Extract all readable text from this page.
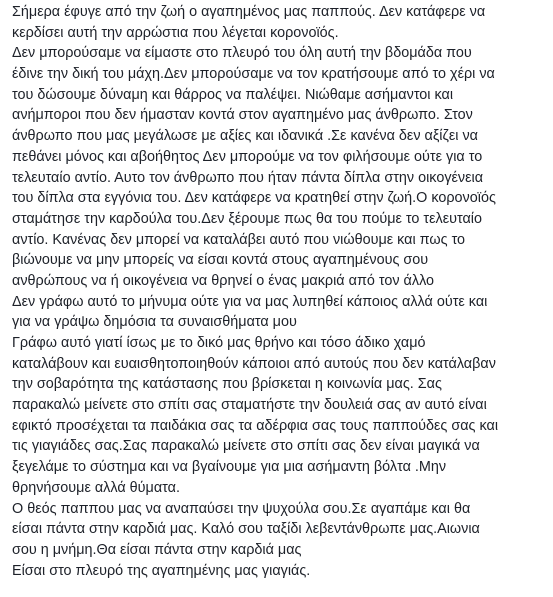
Σήμερα έφυγε από την ζωή ο αγαπημένος μας παππούς. Δεν κατάφερε να
κερδίσει αυτή την αρρώστια που λέγεται κορονοϊός.
Δεν μπορούσαμε να είμαστε στο πλευρό του όλη αυτή την βδομάδα που
έδινε την δική του μάχη.Δεν μπορούσαμε να τον κρατήσουμε από το χέρι να
του δώσουμε δύναμη και θάρρος να παλέψει. Νιώθαμε ασήμαντοι και
ανήμποροι που δεν ήμασταν κοντά στον αγαπημένο μας άνθρωπο. Στον
άνθρωπο που μας μεγάλωσε με αξίες και ιδανικά .Σε κανένα δεν αξίζει να
πεθάνει μόνος και αβοήθητος Δεν μπορούμε να τον φιλήσουμε ούτε για το
τελευταίο αντίο. Αυτο τον άνθρωπο που ήταν πάντα δίπλα στην οικογένεια
του δίπλα στα εγγόνια του. Δεν κατάφερε να κρατηθεί στην ζωή.Ο κορονοϊός
σταμάτησε την καρδούλα του.Δεν ξέρουμε πως θα του πούμε το τελευταίο
αντίο. Κανένας δεν μπορεί να καταλάβει αυτό που νιώθουμε και πως το
βιώνουμε να μην μπορείς να είσαι κοντά στους αγαπημένους σου
ανθρώπους να ή οικογένεια να θρηνεί ο ένας μακριά από τον άλλο
Δεν γράφω αυτό το μήνυμα ούτε για να μας λυπηθεί κάποιος αλλά ούτε και
για να γράψω δημόσια τα συναισθήματα μου
Γράφω αυτό γιατί ίσως με το δικό μας θρήνο και τόσο άδικο χαμό
καταλάβουν και ευαισθητοποιηθούν κάποιοι από αυτούς που δεν κατάλαβαν
την σοβαρότητα της κατάστασης που βρίσκεται η κοινωνία μας. Σας
παρακαλώ μείνετε στο σπίτι σας σταματήστε την δουλειά σας αν αυτό είναι
εφικτό προσέχεται τα παιδάκια σας τα αδέρφια σας τους παππούδες σας και
τις γιαγιάδες σας.Σας παρακαλώ μείνετε στο σπίτι σας δεν είναι μαγικά να
ξεγελάμε το σύστημα και να βγαίνουμε για μια ασήμαντη βόλτα .Μην
θρηνήσουμε αλλά θύματα.
Ο θεός παππου μας να αναπαύσει την ψυχούλα σου.Σε αγαπάμε και θα
είσαι πάντα στην καρδιά μας. Καλό σου ταξίδι λεβεντάνθρωπε μας.Αιωνια
σου η μνήμη.Θα είσαι πάντα στην καρδιά μας
Είσαι στο πλευρό της αγαπημένης μας γιαγιάς.
